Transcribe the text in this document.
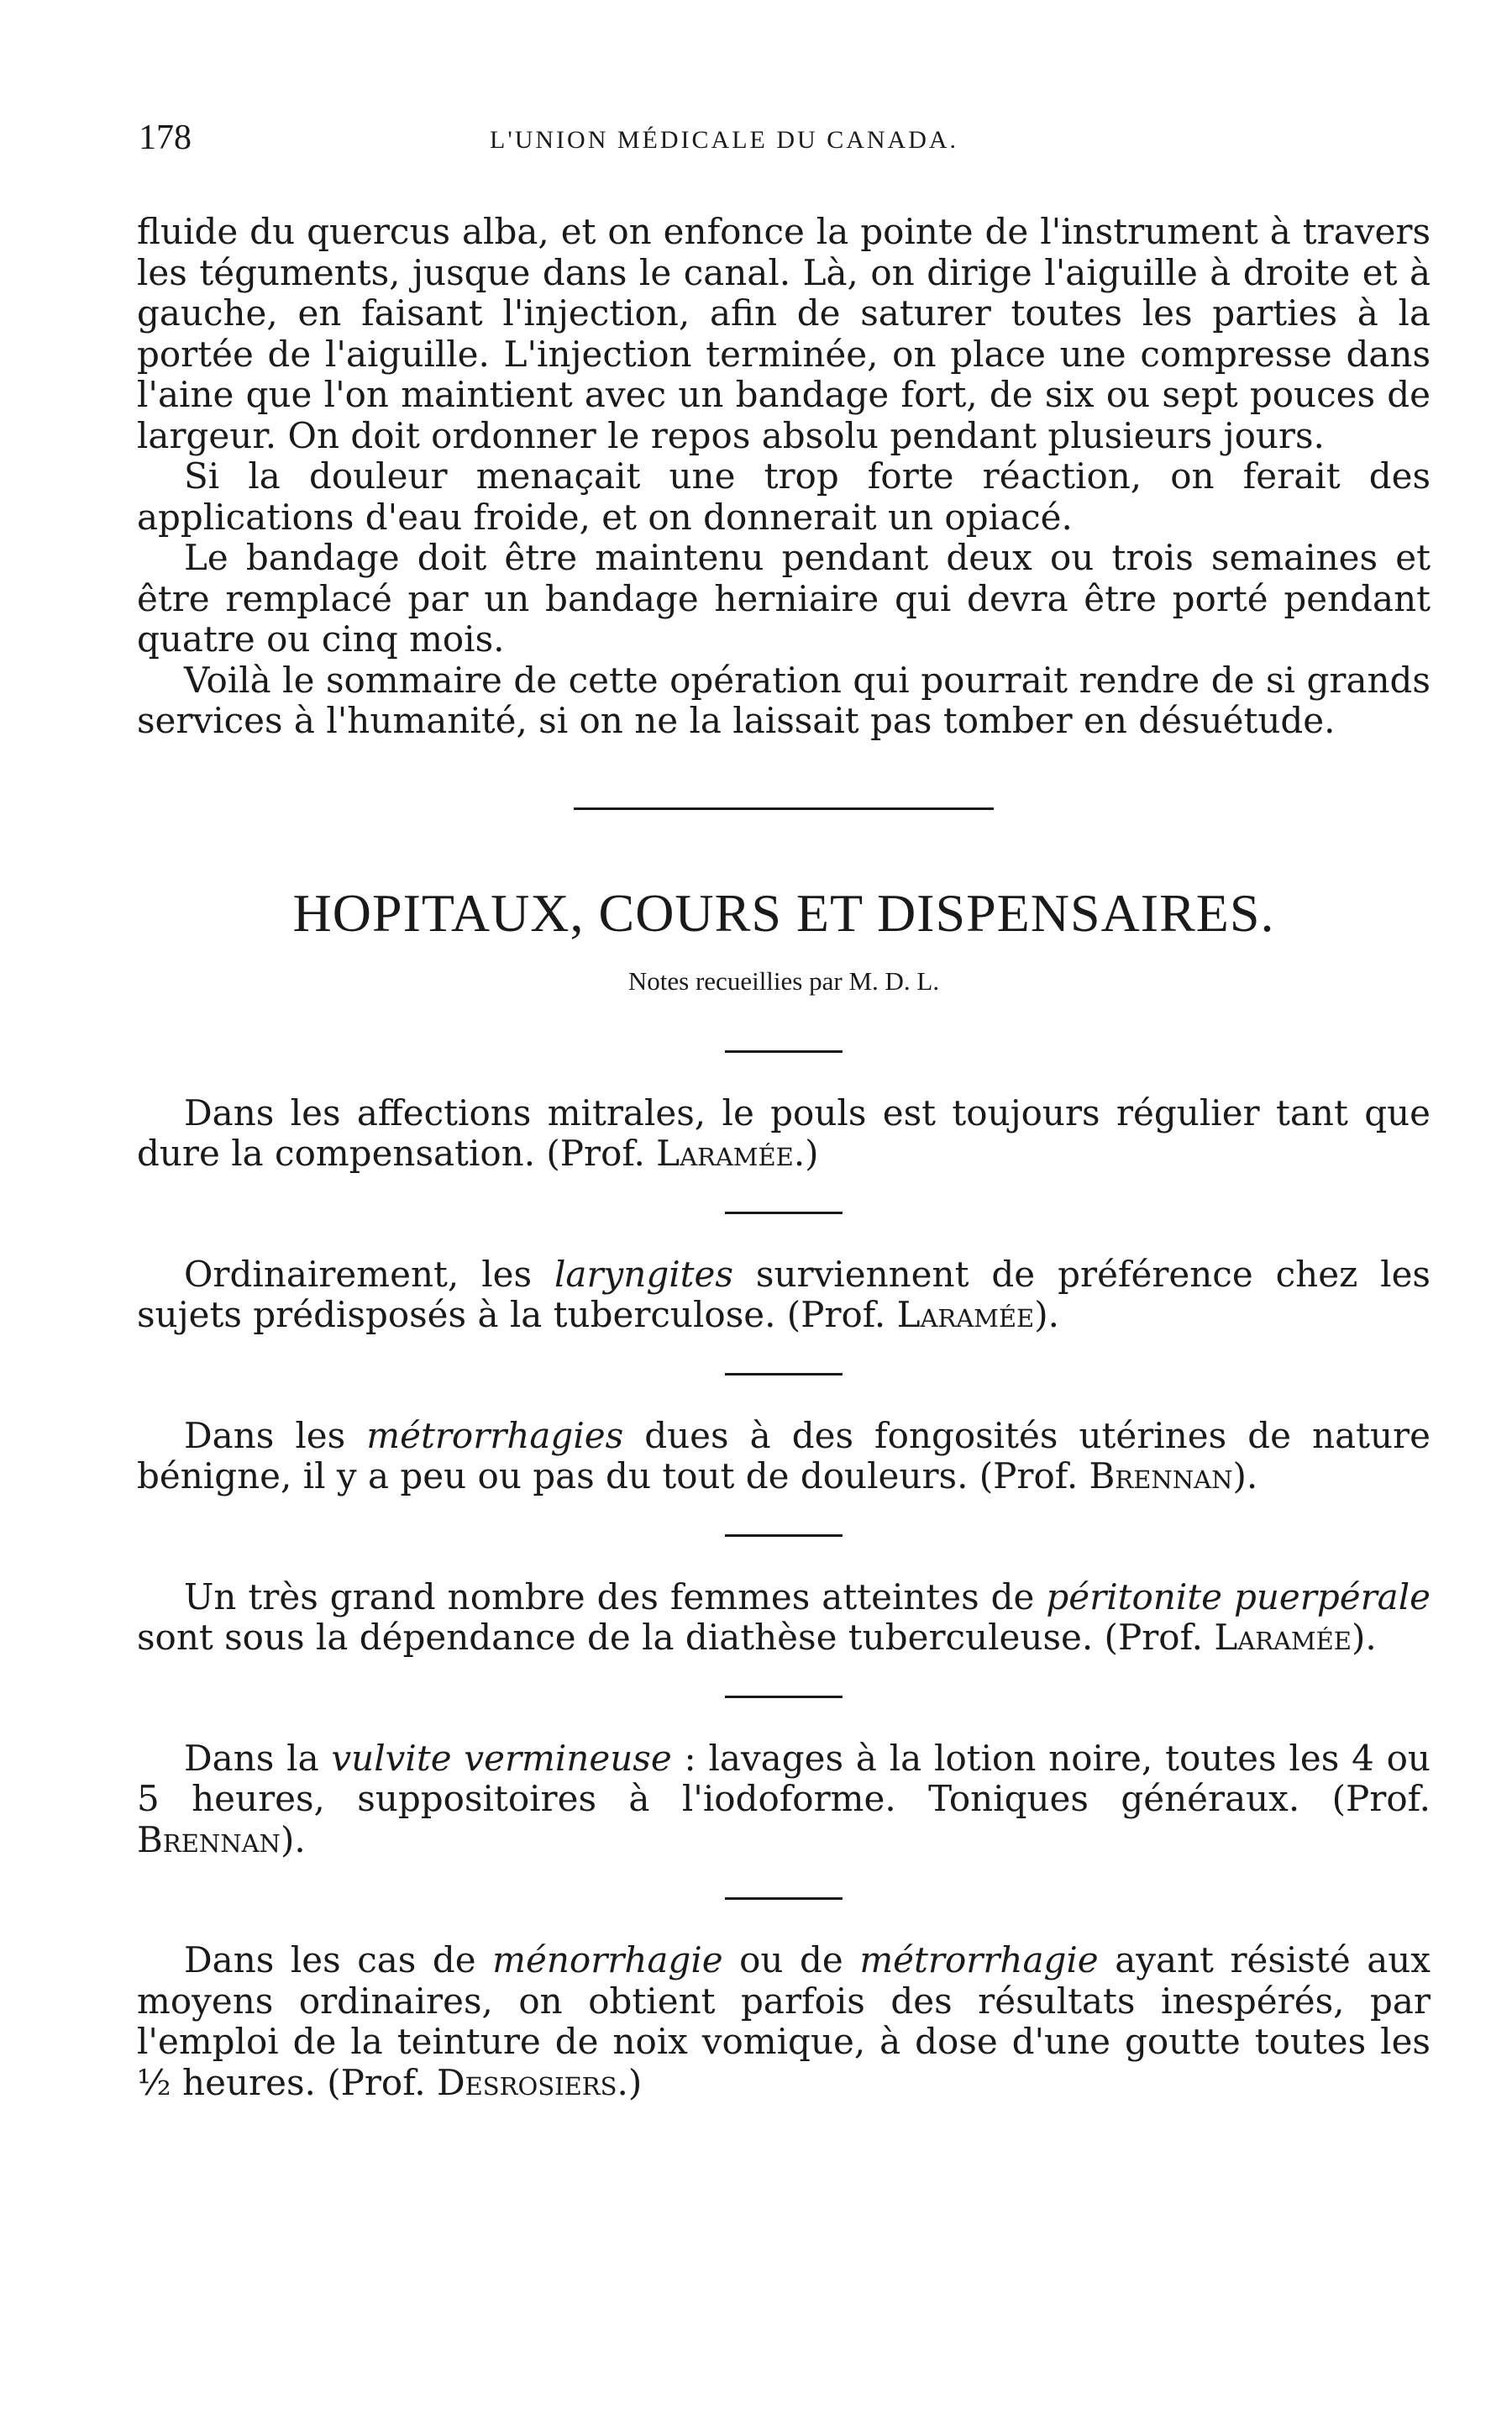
178	L'UNION MÉDICALE DU CANADA.

fluide du quercus alba, et on enfonce la pointe de l'instrument à travers les téguments, jusque dans le canal. Là, on dirige l'aiguille à droite et à gauche, en faisant l'injection, afin de saturer toutes les parties à la portée de l'aiguille. L'injection terminée, on place une compresse dans l'aine que l'on maintient avec un bandage fort, de six ou sept pouces de largeur. On doit ordonner le repos absolu pendant plusieurs jours.

Si la douleur menaçait une trop forte réaction, on ferait des applications d'eau froide, et on donnerait un opiacé.

Le bandage doit être maintenu pendant deux ou trois semaines et être remplacé par un bandage herniaire qui devra être porté pendant quatre ou cinq mois.

Voilà le sommaire de cette opération qui pourrait rendre de si grands services à l'humanité, si on ne la laissait pas tomber en désuétude.

HOPITAUX, COURS ET DISPENSAIRES.
Notes recueillies par M. D. L.

Dans les affections mitrales, le pouls est toujours régulier tant que dure la compensation. (Prof. Laramée.)

Ordinairement, les laryngites surviennent de préférence chez les sujets prédisposés à la tuberculose. (Prof. Laramée).

Dans les métrorrhagies dues à des fongosités utérines de nature bénigne, il y a peu ou pas du tout de douleurs. (Prof. Brennan).

Un très grand nombre des femmes atteintes de péritonite puerpérale sont sous la dépendance de la diathèse tuberculeuse. (Prof. Laramée).

Dans la vulvite vermineuse : lavages à la lotion noire, toutes les 4 ou 5 heures, suppositoires à l'iodoforme. Toniques généraux. (Prof. Brennan).

Dans les cas de ménorrhagie ou de métrorrhagie ayant résisté aux moyens ordinaires, on obtient parfois des résultats inespérés, par l'emploi de la teinture de noix vomique, à dose d'une goutte toutes les ½ heures. (Prof. Desrosiers.)
